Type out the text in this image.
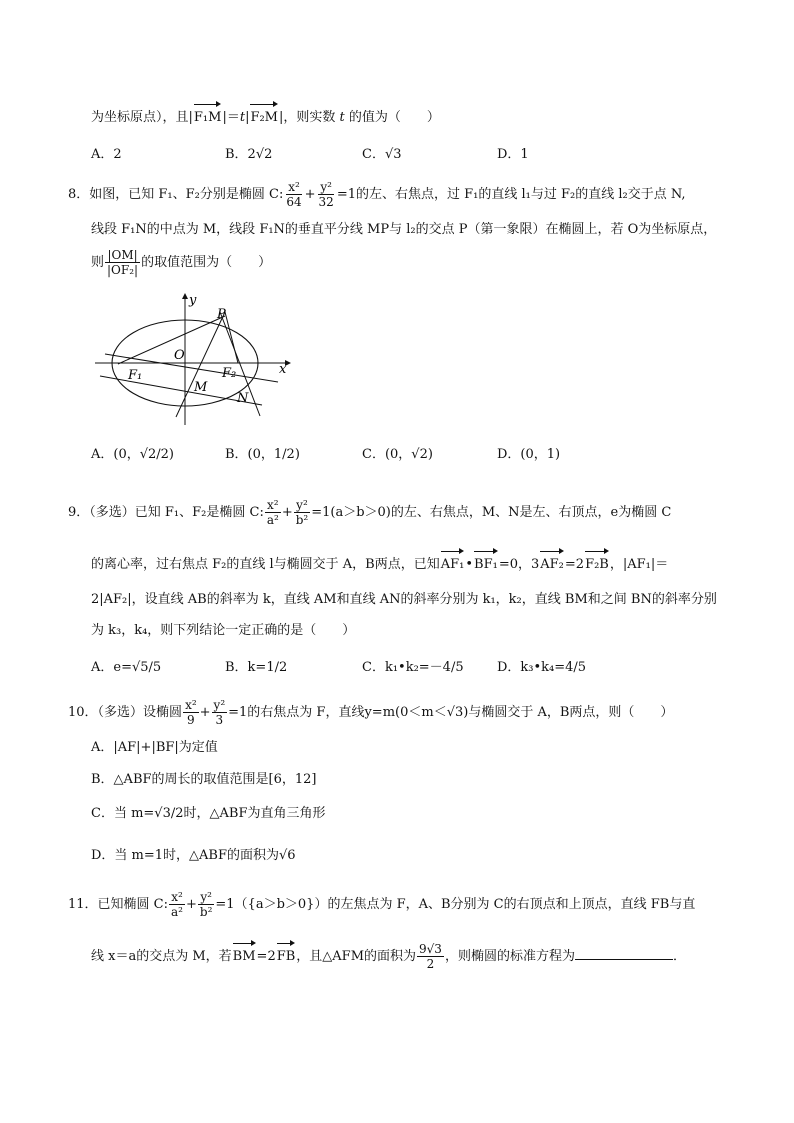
为坐标原点），且|F₁M|＝t|F₂M|，则实数 t 的值为（　　）
A．2	B．2√2	C．√3	D．1
8．如图，已知 F₁、F₂分别是椭圆 C: $\frac{\text{x²}}{64} + \frac{\text{y²}}{32} =1$的左、右焦点，过 F₁的直线 l₁与过 F₂的直线 l₂交于点 N,
线段 F₁N的中点为 M，线段 F₁N的垂直平分线 MP与 l₂的交点 P（第一象限）在椭圆上，若 O为坐标原点，
则 $\frac{|OM|}{\text{|OF₂|}}$ 的取值范围为（　　）
y
x
P
O
F₁
M
F₂
N
A．(0，√2/2)	B．(0，1/2)	C．(0，√2)	D．(0，1)
9．（多选）已知 F₁、F₂是椭圆 C: $\frac{\text{x²}}{\text{a²}} + \frac{\text{y²}}{\text{b²}} =1(a>b>0)$的左、右焦点，M、N是左、右顶点，e为椭圆 C
的离心率，过右焦点 F₂的直线 l与椭圆交于 A，B两点，已知AF₁•BF₁=0，3AF₂=2F₂B，|AF₁|＝
2|AF₂|，设直线 AB的斜率为 k，直线 AM和直线 AN的斜率分别为 k₁，k₂，直线 BM和之间 BN的斜率分别
为 k₃，k₄，则下列结论一定正确的是（　　）
A．e=√5/5	B．k=1/2	C．k₁•k₂=－4/5	D．k₃•k₄=4/5
10．（多选）设椭圆 $\frac{\text{x²}}{9} + \frac{\text{y²}}{3} =1$的右焦点为 F，直线y=m(0＜m＜√3)与椭圆交于 A，B两点，则（　　）
A．|AF|+|BF|为定值
B．△ABF的周长的取值范围是[6，12]
C．当 m=√3/2时，△ABF为直角三角形
D．当 m=1时，△ABF的面积为√6
11．已知椭圆 C: $\frac{\text{x²}}{\text{a²}} + \frac{\text{y²}}{\text{b²}} =1(\{a>b>0\})$的左焦点为 F，A、B分别为 C的右顶点和上顶点，直线 FB与直
线 x＝a的交点为 M，若BM=2FB，且△AFM的面积为 $\frac{9√3}{2}$ ，则椭圆的标准方程为	．
